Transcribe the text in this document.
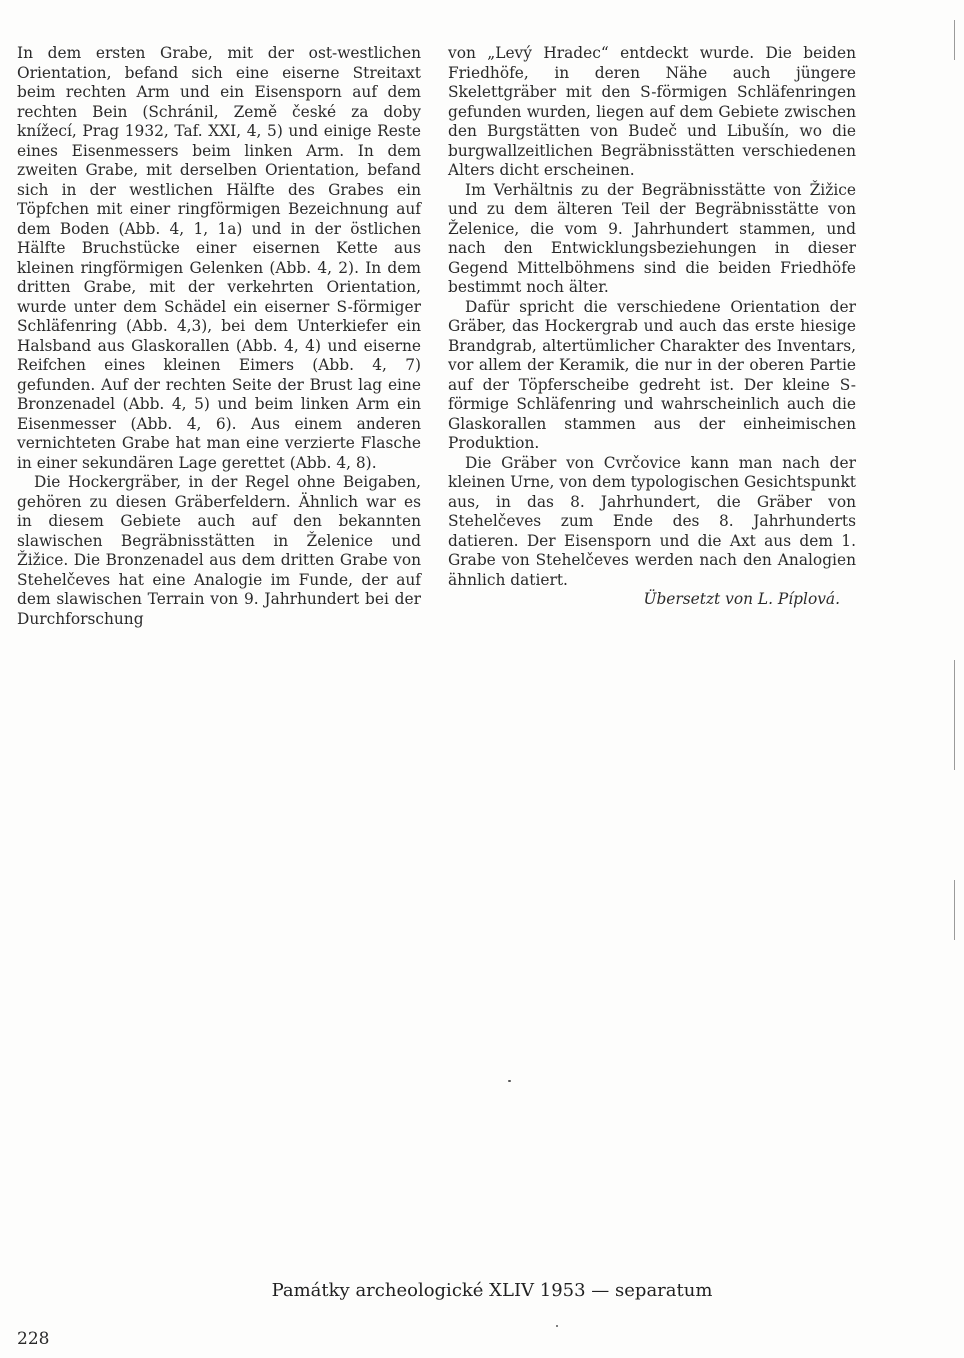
In dem ersten Grabe, mit der ost-westlichen Orientation, befand sich eine eiserne Streitaxt beim rechten Arm und ein Eisensporn auf dem rechten Bein (Schránil, Země české za doby knížecí, Prag 1932, Taf. XXI, 4, 5) und einige Reste eines Eisenmessers beim linken Arm. In dem zweiten Grabe, mit derselben Orientation, befand sich in der westlichen Hälfte des Grabes ein Töpfchen mit einer ringförmigen Bezeichnung auf dem Boden (Abb. 4, 1, 1a) und in der östlichen Hälfte Bruchstücke einer eisernen Kette aus kleinen ringförmigen Gelenken (Abb. 4, 2). In dem dritten Grabe, mit der verkehrten Orientation, wurde unter dem Schädel ein eiserner S-förmiger Schläfenring (Abb. 4,3), bei dem Unterkiefer ein Halsband aus Glaskorallen (Abb. 4, 4) und eiserne Reifchen eines kleinen Eimers (Abb. 4, 7) gefunden. Auf der rechten Seite der Brust lag eine Bronzenadel (Abb. 4, 5) und beim linken Arm ein Eisenmesser (Abb. 4, 6). Aus einem anderen vernichteten Grabe hat man eine verzierte Flasche in einer sekundären Lage gerettet (Abb. 4, 8).

Die Hockergräber, in der Regel ohne Beigaben, gehören zu diesen Gräberfeldern. Ähnlich war es in diesem Gebiete auch auf den bekannten slawischen Begräbnisstätten in Želenice und Žižice. Die Bronzenadel aus dem dritten Grabe von Stehelčeves hat eine Analogie im Funde, der auf dem slawischen Terrain von 9. Jahrhundert bei der Durchforschung

von „Levý Hradec“ entdeckt wurde. Die beiden Friedhöfe, in deren Nähe auch jüngere Skelettgräber mit den S-förmigen Schläfenringen gefunden wurden, liegen auf dem Gebiete zwischen den Burgstätten von Budeč und Libušín, wo die burgwallzeitlichen Begräbnisstätten verschiedenen Alters dicht erscheinen.

Im Verhältnis zu der Begräbnisstätte von Žižice und zu dem älteren Teil der Begräbnisstätte von Želenice, die vom 9. Jahrhundert stammen, und nach den Entwicklungsbeziehungen in dieser Gegend Mittelböhmens sind die beiden Friedhöfe bestimmt noch älter.

Dafür spricht die verschiedene Orientation der Gräber, das Hockergrab und auch das erste hiesige Brandgrab, altertümlicher Charakter des Inventars, vor allem der Keramik, die nur in der oberen Partie auf der Töpferscheibe gedreht ist. Der kleine S-förmige Schläfenring und wahrscheinlich auch die Glaskorallen stammen aus der einheimischen Produktion.

Die Gräber von Cvrčovice kann man nach der kleinen Urne, von dem typologischen Gesichtspunkt aus, in das 8. Jahrhundert, die Gräber von Stehelčeves zum Ende des 8. Jahrhunderts datieren. Der Eisensporn und die Axt aus dem 1. Grabe von Stehelčeves werden nach den Analogien ähnlich datiert.

Übersetzt von L. Píplová.

Památky archeologické XLIV 1953 — separatum
228
